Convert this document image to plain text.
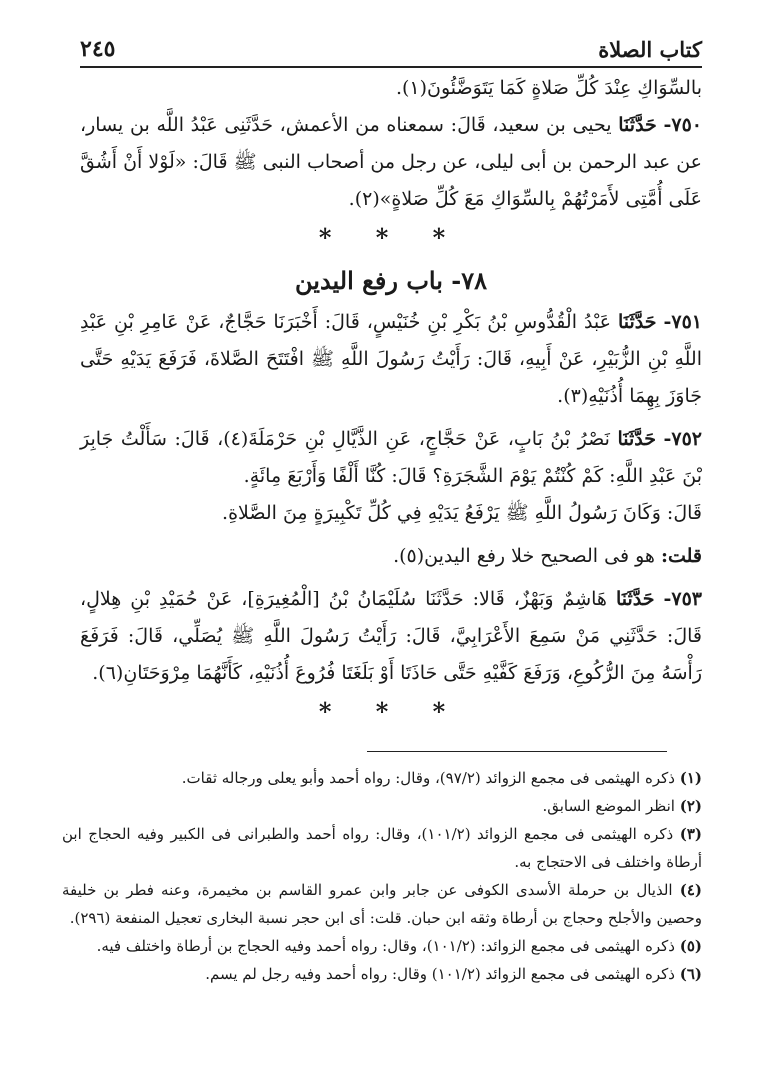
كتاب الصلاة
٢٤٥

بالسِّوَاكِ عِنْدَ كُلِّ صَلاةٍ كَمَا يَتَوَضَّئُونَ(١).

٧٥٠- حَدَّثَنَا يحيى بن سعيد، قَالَ: سمعناه من الأعمش، حَدَّثَنِى عَبْدُ اللَّه بن يسار، عن عبد الرحمن بن أبى ليلى، عن رجل من أصحاب النبى ﷺ قَالَ: «لَوْلا أَنْ أَشُقَّ عَلَى أُمَّتِى لأَمَرْتُهُمْ بِالسِّوَاكِ مَعَ كُلِّ صَلاةٍ»(٢).

* * *
٧٨- باب رفع اليدين

٧٥١- حَدَّثَنَا عَبْدُ الْقُدُّوسِ بْنُ بَكْرِ بْنِ خُنَيْسٍ، قَالَ: أَخْبَرَنَا حَجَّاجٌ، عَنْ عَامِرِ بْنِ عَبْدِ اللَّهِ بْنِ الزُّبَيْرِ، عَنْ أَبِيهِ، قَالَ: رَأَيْتُ رَسُولَ اللَّهِ ﷺ افْتَتَحَ الصَّلاةَ، فَرَفَعَ يَدَيْهِ حَتَّى جَاوَزَ بِهِمَا أُذُنَيْهِ(٣).

٧٥٢- حَدَّثَنَا نَصْرُ بْنُ بَابٍ، عَنْ حَجَّاجٍ، عَنِ الذَّيَّالِ بْنِ حَرْمَلَةَ(٤)، قَالَ: سَأَلْتُ جَابِرَ بْنَ عَبْدِ اللَّهِ: كَمْ كُنْتُمْ يَوْمَ الشَّجَرَةِ؟ قَالَ: كُنَّا أَلْفًا وَأَرْبَعَ مِائَةٍ.

قَالَ: وَكَانَ رَسُولُ اللَّهِ ﷺ يَرْفَعُ يَدَيْهِ فِي كُلِّ تَكْبِيرَةٍ مِنَ الصَّلاةِ.

قلت: هو فى الصحيح خلا رفع اليدين(٥).

٧٥٣- حَدَّثَنَا هَاشِمٌ وَبَهْزٌ، قَالا: حَدَّثَنَا سُلَيْمَانُ بْنُ [الْمُغِيرَةِ]، عَنْ حُمَيْدِ بْنِ هِلالٍ، قَالَ: حَدَّثَنِي مَنْ سَمِعَ الأَعْرَابِيَّ، قَالَ: رَأَيْتُ رَسُولَ اللَّهِ ﷺ يُصَلِّي، قَالَ: فَرَفَعَ رَأْسَهُ مِنَ الرُّكُوعِ، وَرَفَعَ كَفَّيْهِ حَتَّى حَاذَتَا أَوْ بَلَغَتَا فُرُوعَ أُذُنَيْهِ، كَأَنَّهُمَا مِرْوَحَتَانِ(٦).

* * *

(١) ذكره الهيثمى فى مجمع الزوائد (٩٧/٢)، وقال: رواه أحمد وأبو يعلى ورجاله ثقات.

(٢) انظر الموضع السابق.

(٣) ذكره الهيثمى فى مجمع الزوائد (١٠١/٢)، وقال: رواه أحمد والطبرانى فى الكبير وفيه الحجاج ابن أرطاة واختلف فى الاحتجاج به.

(٤) الذيال بن حرملة الأسدى الكوفى عن جابر وابن عمرو القاسم بن مخيمرة، وعنه فطر بن خليفة وحصين والأجلح وحجاج بن أرطاة وثقه ابن حبان. قلت: أى ابن حجر نسبة البخارى تعجيل المنفعة (٢٩٦).

(٥) ذكره الهيثمى فى مجمع الزوائد: (١٠١/٢)، وقال: رواه أحمد وفيه الحجاج بن أرطاة واختلف فيه.

(٦) ذكره الهيثمى فى مجمع الزوائد (١٠١/٢) وقال: رواه أحمد وفيه رجل لم يسم.
